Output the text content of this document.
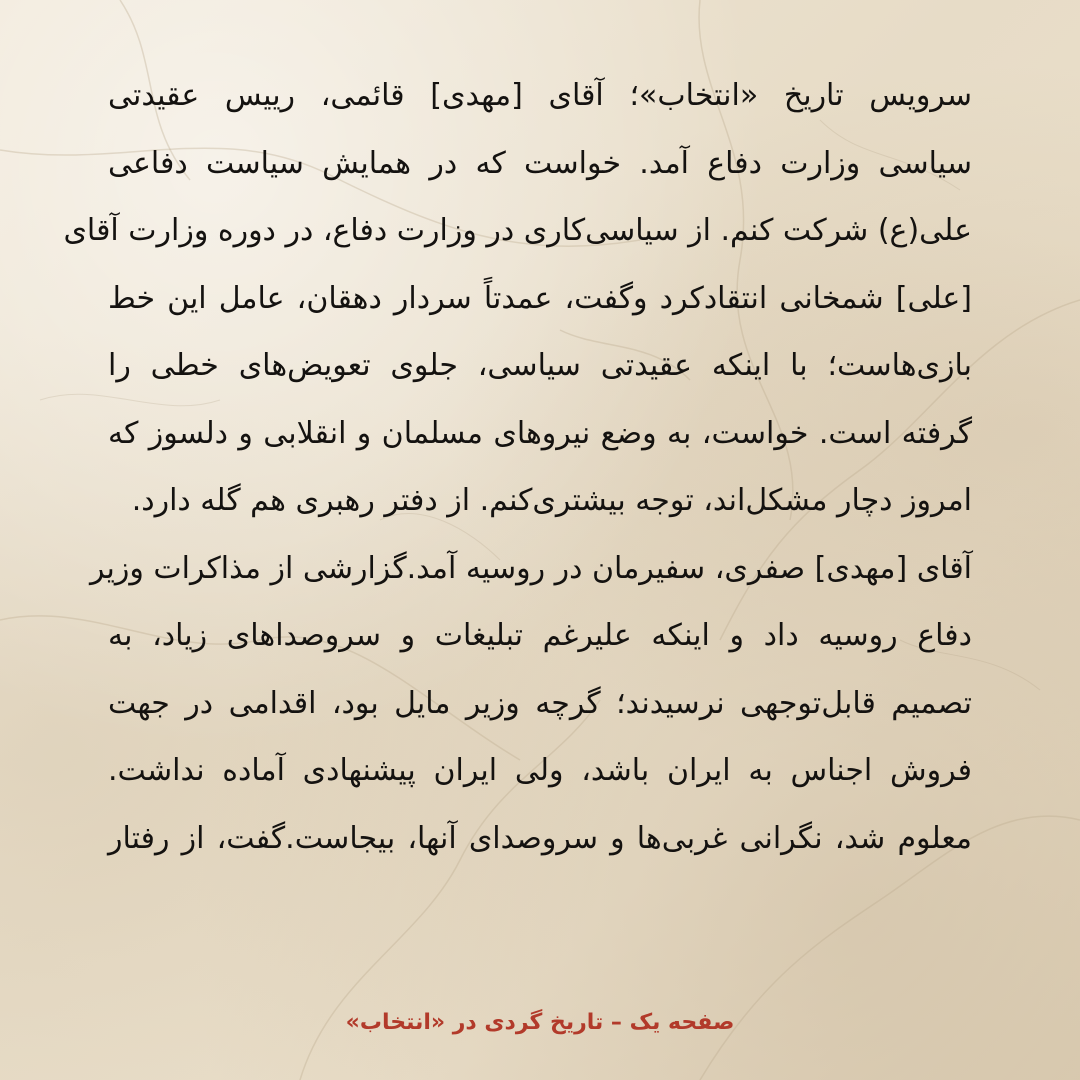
سرویس تاریخ «انتخاب»؛ آقای [مهدی] قائمی، رییس عقیدتی
سیاسی وزارت دفاع آمد. خواست که در همایش سیاست دفاعی
علی(ع) شرکت کنم. از سیاسی‌کاری در وزارت دفاع، در دوره وزارت آقای
[علی] شمخانی انتقادکرد وگفت، عمدتاً سردار دهقان، عامل این خط
بازی‌هاست؛ با اینکه عقیدتی سیاسی، جلوی تعویض‌های خطی را
گرفته است. خواست، به وضع نیروهای مسلمان و انقلابی و دلسوز که
امروز دچار مشکل‌اند، توجه بیشتری‌کنم. از دفتر رهبری هم گله دارد.
آقای [مهدی] صفری، سفیرمان در روسیه آمد.گزارشی از مذاکرات وزیر
دفاع روسیه داد و اینکه علیرغم تبلیغات و سروصداهای زیاد، به
تصمیم قابل‌توجهی نرسیدند؛ گرچه وزیر مایل بود، اقدامی در جهت
فروش اجناس به ایران باشد، ولی ایران پیشنهادی آماده نداشت.
معلوم شد، نگرانی غربی‌ها و سروصدای آنها، بیجاست.گفت، از رفتار
صفحه یک – تاریخ گردی در «انتخاب»
